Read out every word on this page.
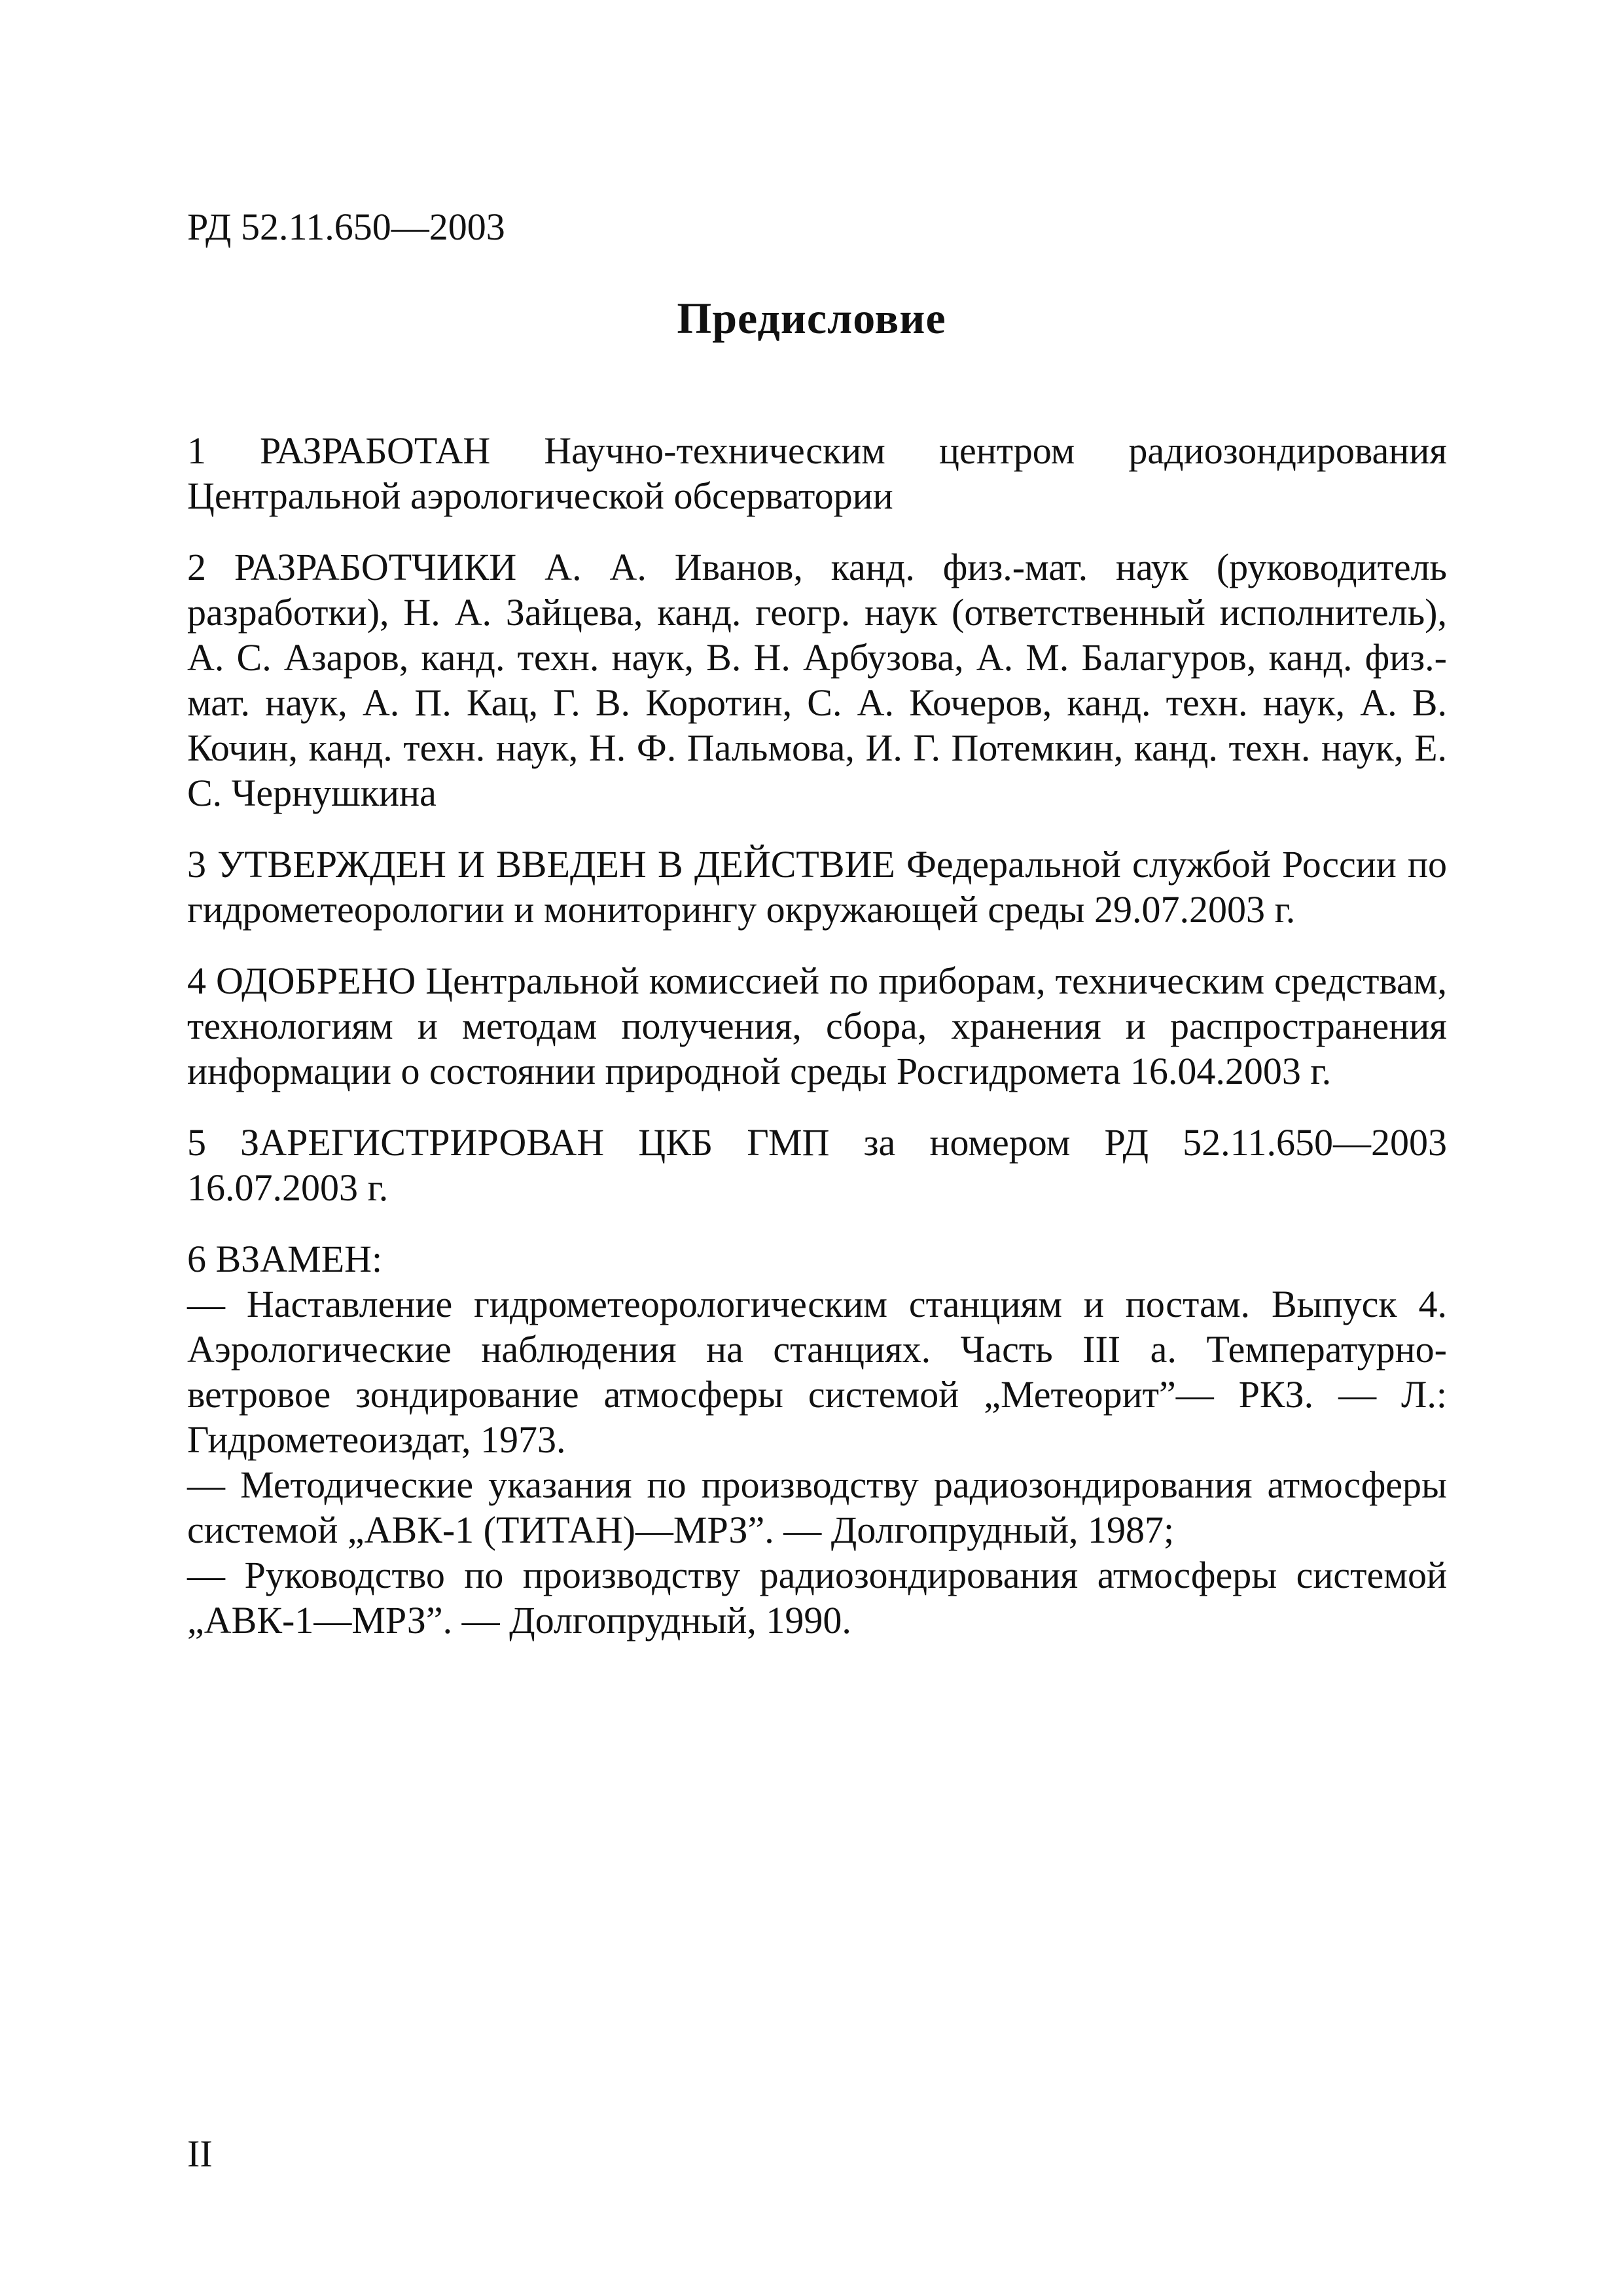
РД 52.11.650—2003
Предисловие

1 РАЗРАБОТАН Научно-техническим центром радиозондирования Центральной аэрологической обсерватории

2 РАЗРАБОТЧИКИ А. А. Иванов, канд. физ.-мат. наук (руководитель разработки), Н. А. Зайцева, канд. геогр. наук (ответственный исполнитель), А. С. Азаров, канд. техн. наук, В. Н. Арбузова, А. М. Балагуров, канд. физ.-мат. наук, А. П. Кац, Г. В. Коротин, С. А. Кочеров, канд. техн. наук, А. В. Кочин, канд. техн. наук, Н. Ф. Пальмова, И. Г. Потемкин, канд. техн. наук, Е. С. Чернушкина

3 УТВЕРЖДЕН И ВВЕДЕН В ДЕЙСТВИЕ Федеральной службой России по гидрометеорологии и мониторингу окружающей среды 29.07.2003 г.

4 ОДОБРЕНО Центральной комиссией по приборам, техническим средствам, технологиям и методам получения, сбора, хранения и распространения информации о состоянии природной среды Росгидромета 16.04.2003 г.

5 ЗАРЕГИСТРИРОВАН ЦКБ ГМП за номером РД 52.11.650—2003 16.07.2003 г.

6 ВЗАМЕН:
— Наставление гидрометеорологическим станциям и постам. Выпуск 4. Аэрологические наблюдения на станциях. Часть III а. Температурно-ветровое зондирование атмосферы системой „Метеорит”— РКЗ. — Л.: Гидрометеоиздат, 1973.
— Методические указания по производству радиозондирования атмосферы системой „АВК-1 (ТИТАН)—МРЗ”. — Долгопрудный, 1987;
— Руководство по производству радиозондирования атмосферы системой „АВК-1—МРЗ”. — Долгопрудный, 1990.
II
